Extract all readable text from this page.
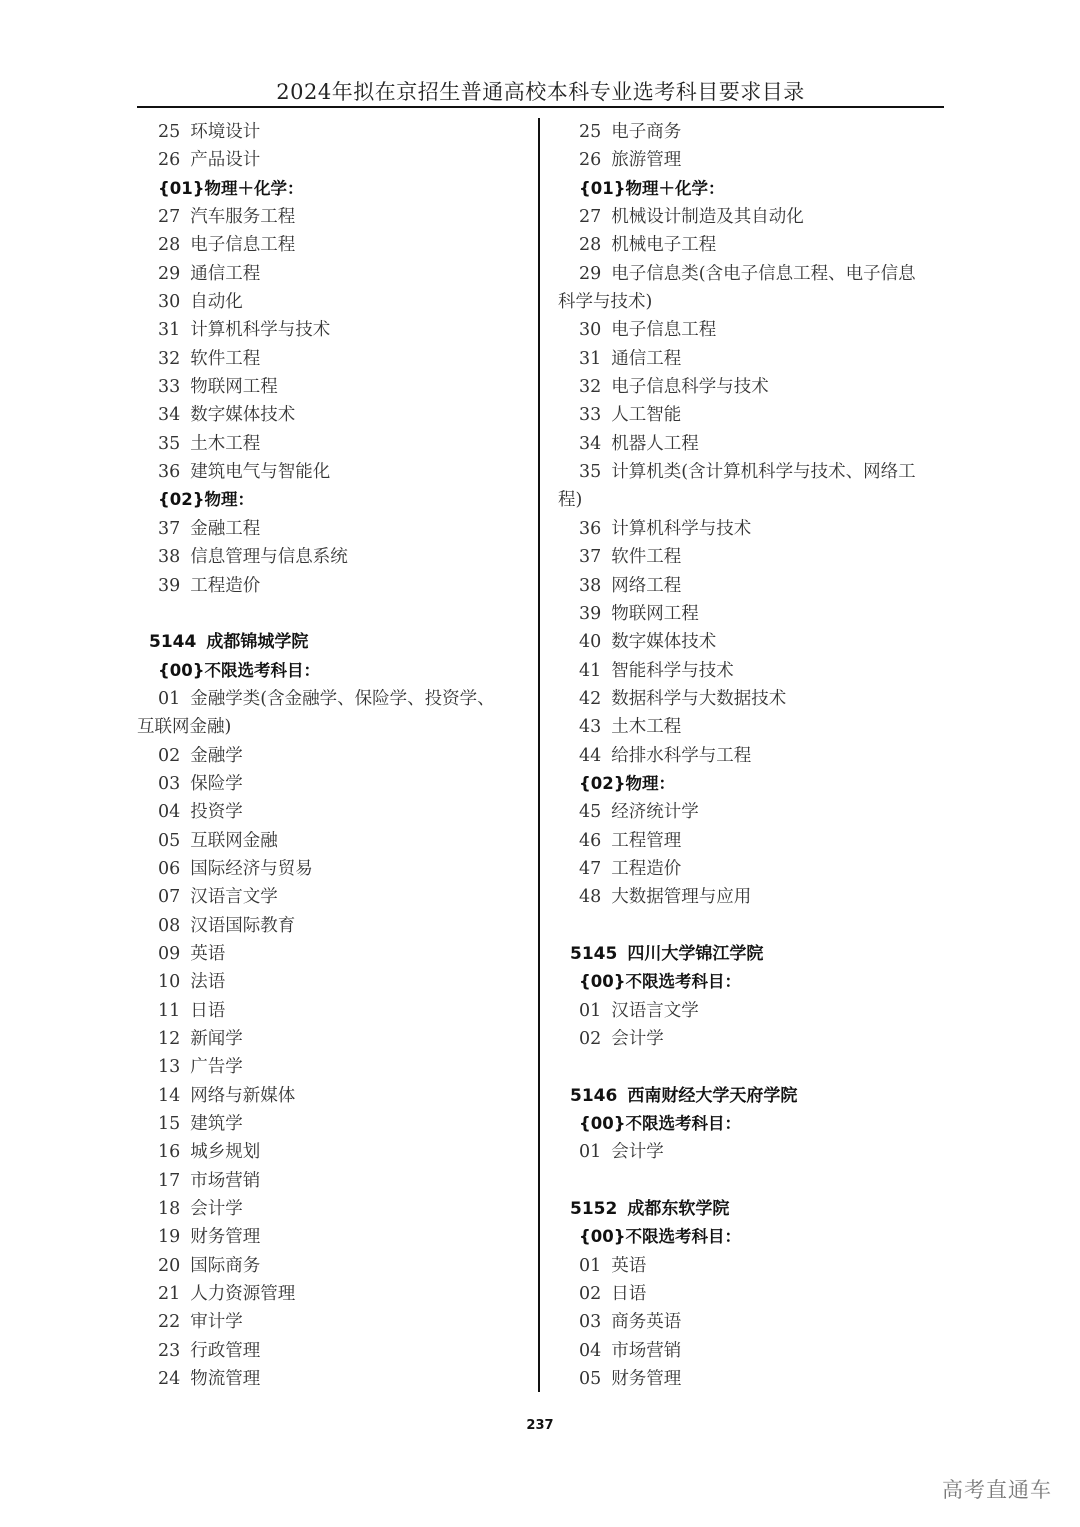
2024年拟在京招生普通高校本科专业选考科目要求目录
25 环境设计
26 产品设计
{01}物理＋化学：
27 汽车服务工程
28 电子信息工程
29 通信工程
30 自动化
31 计算机科学与技术
32 软件工程
33 物联网工程
34 数字媒体技术
35 土木工程
36 建筑电气与智能化
{02}物理：
37 金融工程
38 信息管理与信息系统
39 工程造价
5144 成都锦城学院
{00}不限选考科目：
01 金融学类(含金融学、保险学、投资学、
互联网金融)
02 金融学
03 保险学
04 投资学
05 互联网金融
06 国际经济与贸易
07 汉语言文学
08 汉语国际教育
09 英语
10 法语
11 日语
12 新闻学
13 广告学
14 网络与新媒体
15 建筑学
16 城乡规划
17 市场营销
18 会计学
19 财务管理
20 国际商务
21 人力资源管理
22 审计学
23 行政管理
24 物流管理
25 电子商务
26 旅游管理
{01}物理＋化学：
27 机械设计制造及其自动化
28 机械电子工程
29 电子信息类(含电子信息工程、电子信息
科学与技术)
30 电子信息工程
31 通信工程
32 电子信息科学与技术
33 人工智能
34 机器人工程
35 计算机类(含计算机科学与技术、网络工
程)
36 计算机科学与技术
37 软件工程
38 网络工程
39 物联网工程
40 数字媒体技术
41 智能科学与技术
42 数据科学与大数据技术
43 土木工程
44 给排水科学与工程
{02}物理：
45 经济统计学
46 工程管理
47 工程造价
48 大数据管理与应用
5145 四川大学锦江学院
{00}不限选考科目：
01 汉语言文学
02 会计学
5146 西南财经大学天府学院
{00}不限选考科目：
01 会计学
5152 成都东软学院
{00}不限选考科目：
01 英语
02 日语
03 商务英语
04 市场营销
05 财务管理
237
高考直通车
